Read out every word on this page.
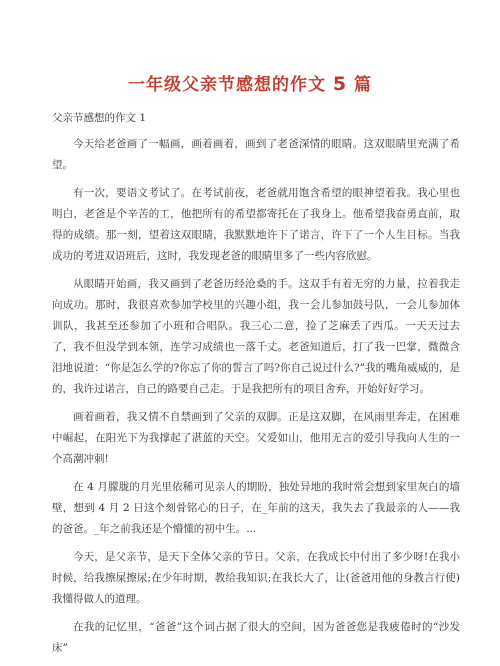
一年级父亲节感想的作文 5 篇
父亲节感想的作文 1

今天给老爸画了一幅画，画着画着，画到了老爸深情的眼睛。这双眼睛里充满了希望。

有一次，要语文考试了。在考试前夜，老爸就用饱含希望的眼神望着我。我心里也明白，老爸是个辛苦的工，他把所有的希望都寄托在了我身上。他希望我奋勇直前，取得的成绩。那一刻，望着这双眼睛，我默默地许下了诺言，许下了一个人生目标。当我成功的考进双语班后，这时，我发现老爸的眼睛里多了一些内容欣慰。

从眼睛开始画，我又画到了老爸历经沧桑的手。这双手有着无穷的力量，拉着我走向成功。那时，我很喜欢参加学校里的兴趣小组，我一会儿参加鼓号队，一会儿参加体训队，我甚至还参加了小班和合唱队。我三心二意，捡了芝麻丢了西瓜。一天天过去了，我不但没学到本领，连学习成绩也一落千丈。老爸知道后，打了我一巴掌，微微含泪地说道：“你是怎么学的?你忘了你的誓言了吗?你自己说过什么?”我的嘴角威威的，是的，我许过诺言，自己的路要自己走。于是我把所有的项目舍弃，开始好好学习。

画着画着，我又情不自禁画到了父亲的双脚。正是这双脚，在风雨里奔走，在困难中崛起，在阳光下为我撑起了湛蓝的天空。父爱如山，他用无言的爱引导我向人生的一个高潮冲刺!

在 4 月朦胧的月光里依稀可见亲人的期盼，独处异地的我时常会想到家里灰白的墙壁，想到 4 月 2 日这个刻骨铭心的日子，在_年前的这天，我失去了我最亲的人——我的爸爸。_年之前我还是个懵懂的初中生。...

今天，是父亲节，是天下全体父亲的节日。父亲，在我成长中付出了多少呀!在我小时候，给我擦屎擦尿;在少年时期，教给我知识;在我长大了，让(爸爸用他的身教言行使)我懂得做人的道理。

在我的记忆里，“爸爸”这个词占据了很大的空间，因为爸爸您是我疲倦时的“沙发床”
